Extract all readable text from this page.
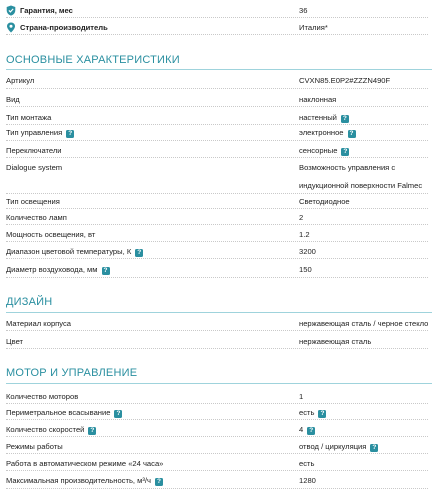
Гарантия, мес	36
Страна-производитель	Италия*
ОСНОВНЫЕ ХАРАКТЕРИСТИКИ
Артикул	CVXN85.E0P2#ZZZN490F
Вид	наклонная
Тип монтажа	настенный ?
Тип управления ?	электронное ?
Переключатели	сенсорные ?
Dialogue system	Возможность управления с
индукционной поверхности Falmec
Тип освещения	Светодиодное
Количество ламп	2
Мощность освещения, вт	1.2
Диапазон цветовой температуры, К ?	3200
Диаметр воздуховода, мм ?	150
ДИЗАЙН
Материал корпуса	нержавеющая сталь / черное стекло
Цвет	нержавеющая сталь
МОТОР И УПРАВЛЕНИЕ
Количество моторов	1
Периметральное всасывание ?	есть ?
Количество скоростей ?	4 ?
Режимы работы	отвод / циркуляция ?
Работа в автоматическом режиме «24 часа»	есть
Максимальная производительность, м³/ч ?	1280
